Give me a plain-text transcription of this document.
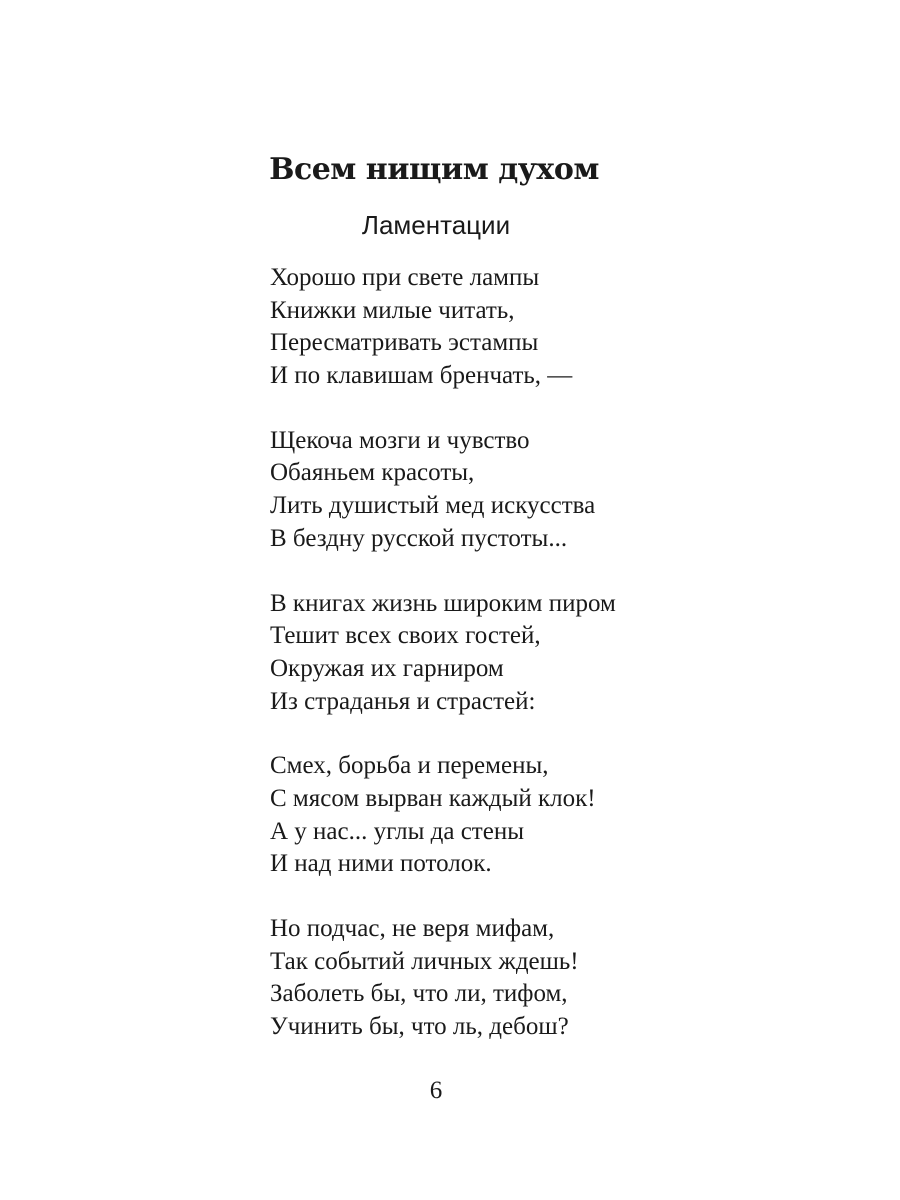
Всем нищим духом
Ламентации
Хорошо при свете лампы
Книжки милые читать,
Пересматривать эстампы
И по клавишам бренчать, —
Щекоча мозги и чувство
Обаяньем красоты,
Лить душистый мед искусства
В бездну русской пустоты...
В книгах жизнь широким пиром
Тешит всех своих гостей,
Окружая их гарниром
Из страданья и страстей:
Смех, борьба и перемены,
С мясом вырван каждый клок!
А у нас... углы да стены
И над ними потолок.
Но подчас, не веря мифам,
Так событий личных ждешь!
Заболеть бы, что ли, тифом,
Учинить бы, что ль, дебош?
6
